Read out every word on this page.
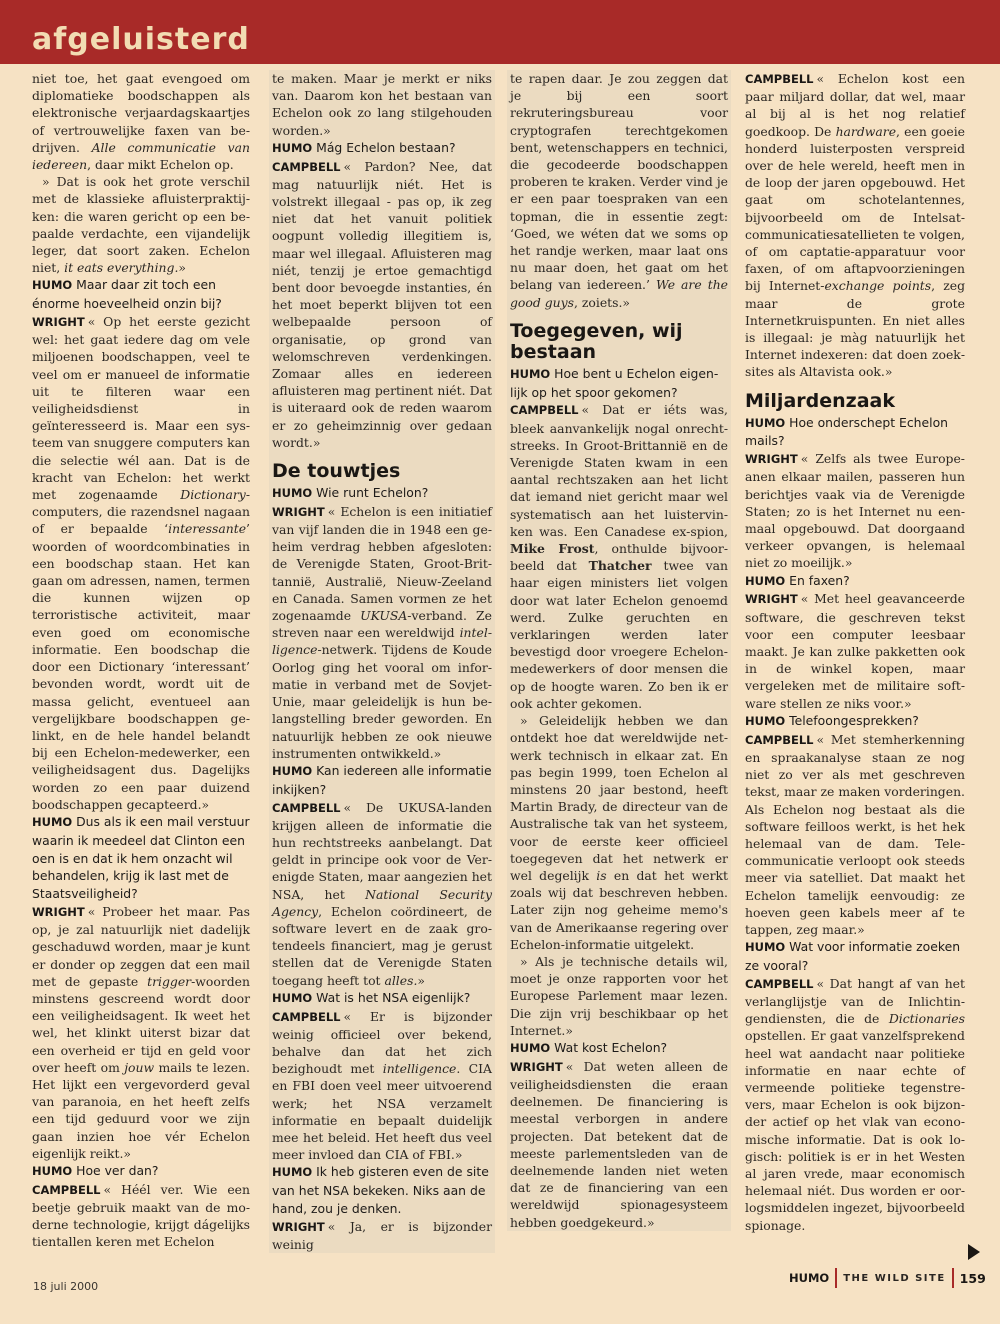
afgeluisterd

niet toe, het gaat evengoed om diplomatieke boodschappen als elektronische verjaardagskaartjes of vertrouwelijke faxen van bedrijven. Alle communicatie van iedereen, daar mikt Echelon op.

» Dat is ook het grote verschil met de klassieke afluisterpraktijken: die waren gericht op een bepaalde verdachte, een vijandelijk leger, dat soort zaken. Echelon niet, it eats everything.»

HUMO Maar daar zit toch een énorme hoeveelheid onzin bij?

WRIGHT « Op het eerste gezicht wel: het gaat iedere dag om vele miljoenen boodschappen, veel te veel om er manueel de informatie uit te filteren waar een veiligheidsdienst in geïnteresseerd is. Maar een systeem van snuggere computers kan die selectie wél aan. Dat is de kracht van Echelon: het werkt met zogenaamde Dictionary-computers, die razendsnel nagaan of er bepaalde ‘interessante’ woorden of woordcombinaties in een boodschap staan. Het kan gaan om adressen, namen, termen die kunnen wijzen op terroristische activiteit, maar even goed om economische informatie. Een boodschap die door een Dictionary ‘interessant’ bevonden wordt, wordt uit de massa gelicht, eventueel aan vergelijkbare boodschappen gelinkt, en de hele handel belandt bij een Echelon-medewerker, een veiligheidsagent dus. Dagelijks worden zo een paar duizend boodschappen gecapteerd.»

HUMO Dus als ik een mail verstuur waarin ik meedeel dat Clinton een oen is en dat ik hem onzacht wil behandelen, krijg ik last met de Staatsveiligheid?

WRIGHT « Probeer het maar. Pas op, je zal natuurlijk niet dadelijk geschaduwd worden, maar je kunt er donder op zeggen dat een mail met de gepaste trigger-woorden minstens gescreend wordt door een veiligheidsagent. Ik weet het wel, het klinkt uiterst bizar dat een overheid er tijd en geld voor over heeft om jouw mails te lezen. Het lijkt een vergevorderd geval van paranoia, en het heeft zelfs een tijd geduurd voor we zijn gaan inzien hoe vér Echelon eigenlijk reikt.»

HUMO Hoe ver dan?

CAMPBELL « Héél ver. Wie een beetje gebruik maakt van de moderne technologie, krijgt dágelijks tientallen keren met Echelon

te maken. Maar je merkt er niks van. Daarom kon het bestaan van Echelon ook zo lang stilgehouden worden.»

HUMO Mág Echelon bestaan?

CAMPBELL « Pardon? Nee, dat mag natuurlijk niét. Het is volstrekt illegaal - pas op, ik zeg niet dat het vanuit politiek oogpunt volledig illegitiem is, maar wel illegaal. Afluisteren mag niét, tenzij je ertoe gemachtigd bent door bevoegde instanties, én het moet beperkt blijven tot een welbepaalde persoon of organisatie, op grond van welomschreven verdenkingen. Zomaar alles en iedereen afluisteren mag pertinent niét. Dat is uiteraard ook de reden waarom er zo geheimzinnig over gedaan wordt.»

De touwtjes

HUMO Wie runt Echelon?

WRIGHT « Echelon is een initiatief van vijf landen die in 1948 een geheim verdrag hebben afgesloten: de Verenigde Staten, Groot-Brittannië, Australië, Nieuw-Zeeland en Canada. Samen vormen ze het zogenaamde UKUSA-verband. Ze streven naar een wereldwijd intelligence-netwerk. Tijdens de Koude Oorlog ging het vooral om informatie in verband met de Sovjet-Unie, maar geleidelijk is hun belangstelling breder geworden. En natuurlijk hebben ze ook nieuwe instrumenten ontwikkeld.»

HUMO Kan iedereen alle informatie inkijken?

CAMPBELL « De UKUSA-landen krijgen alleen de informatie die hun rechtstreeks aanbelangt. Dat geldt in principe ook voor de Verenigde Staten, maar aangezien het NSA, het National Security Agency, Echelon coördineert, de software levert en de zaak grotendeels financiert, mag je gerust stellen dat de Verenigde Staten toegang heeft tot alles.»

HUMO Wat is het NSA eigenlijk?

CAMPBELL « Er is bijzonder weinig officieel over bekend, behalve dan dat het zich bezighoudt met intelligence. CIA en FBI doen veel meer uitvoerend werk; het NSA verzamelt informatie en bepaalt duidelijk mee het beleid. Het heeft dus veel meer invloed dan CIA of FBI.»

HUMO Ik heb gisteren even de site van het NSA bekeken. Niks aan de hand, zou je denken.

WRIGHT « Ja, er is bijzonder weinig

te rapen daar. Je zou zeggen dat je bij een soort rekruteringsbureau voor cryptografen terechtgekomen bent, wetenschappers en technici, die gecodeerde boodschappen proberen te kraken. Verder vind je er een paar toespraken van een topman, die in essentie zegt: ‘Goed, we wéten dat we soms op het randje werken, maar laat ons nu maar doen, het gaat om het belang van iedereen.’ We are the good guys, zoiets.»

Toegegeven, wij bestaan

HUMO Hoe bent u Echelon eigenlijk op het spoor gekomen?

CAMPBELL « Dat er iéts was, bleek aanvankelijk nogal onrechtstreeks. In Groot-Brittannië en de Verenigde Staten kwam in een aantal rechtszaken aan het licht dat iemand niet gericht maar wel systematisch aan het luistervinken was. Een Canadese ex-spion, Mike Frost, onthulde bijvoorbeeld dat Thatcher twee van haar eigen ministers liet volgen door wat later Echelon genoemd werd. Zulke geruchten en verklaringen werden later bevestigd door vroegere Echelon-medewerkers of door mensen die op de hoogte waren. Zo ben ik er ook achter gekomen.

» Geleidelijk hebben we dan ontdekt hoe dat wereldwijde netwerk technisch in elkaar zat. En pas begin 1999, toen Echelon al minstens 20 jaar bestond, heeft Martin Brady, de directeur van de Australische tak van het systeem, voor de eerste keer officieel toegegeven dat het netwerk er wel degelijk is en dat het werkt zoals wij dat beschreven hebben. Later zijn nog geheime memo's van de Amerikaanse regering over Echelon-informatie uitgelekt.

» Als je technische details wil, moet je onze rapporten voor het Europese Parlement maar lezen. Die zijn vrij beschikbaar op het Internet.»

HUMO Wat kost Echelon?

WRIGHT « Dat weten alleen de veiligheidsdiensten die eraan deelnemen. De financiering is meestal verborgen in andere projecten. Dat betekent dat de meeste parlementsleden van de deelnemende landen niet weten dat ze de financiering van een wereldwijd spionagesysteem hebben goedgekeurd.»

CAMPBELL « Echelon kost een paar miljard dollar, dat wel, maar al bij al is het nog relatief goedkoop. De hardware, een goeie honderd luisterposten verspreid over de hele wereld, heeft men in de loop der jaren opgebouwd. Het gaat om schotelantennes, bijvoorbeeld om de Intelsat-communicatiesatellieten te volgen, of om captatie-apparatuur voor faxen, of om aftapvoorzieningen bij Internet-exchange points, zeg maar de grote Internetkruispunten. En niet alles is illegaal: je màg natuurlijk het Internet indexeren: dat doen zoeksites als Altavista ook.»

Miljardenzaak

HUMO Hoe onderschept Echelon mails?

WRIGHT « Zelfs als twee Europeanen elkaar mailen, passeren hun berichtjes vaak via de Verenigde Staten; zo is het Internet nu eenmaal opgebouwd. Dat doorgaand verkeer opvangen, is helemaal niet zo moeilijk.»

HUMO En faxen?

WRIGHT « Met heel geavanceerde software, die geschreven tekst voor een computer leesbaar maakt. Je kan zulke pakketten ook in de winkel kopen, maar vergeleken met de militaire software stellen ze niks voor.»

HUMO Telefoongesprekken?

CAMPBELL « Met stemherkenning en spraakanalyse staan ze nog niet zo ver als met geschreven tekst, maar ze maken vorderingen. Als Echelon nog bestaat als die software feilloos werkt, is het hek helemaal van de dam. Telecommunicatie verloopt ook steeds meer via satelliet. Dat maakt het Echelon tamelijk eenvoudig: ze hoeven geen kabels meer af te tappen, zeg maar.»

HUMO Wat voor informatie zoeken ze vooral?

CAMPBELL « Dat hangt af van het verlanglijstje van de Inlichtingendiensten, die de Dictionaries opstellen. Er gaat vanzelfsprekend heel wat aandacht naar politieke informatie en naar echte of vermeende politieke tegenstrevers, maar Echelon is ook bijzonder actief op het vlak van economische informatie. Dat is ook logisch: politiek is er in het Westen al jaren vrede, maar economisch helemaal niét. Dus worden er oorlogsmiddelen ingezet, bijvoorbeeld spionage.

18 juli 2000
HUMO THE WILD SITE 159
